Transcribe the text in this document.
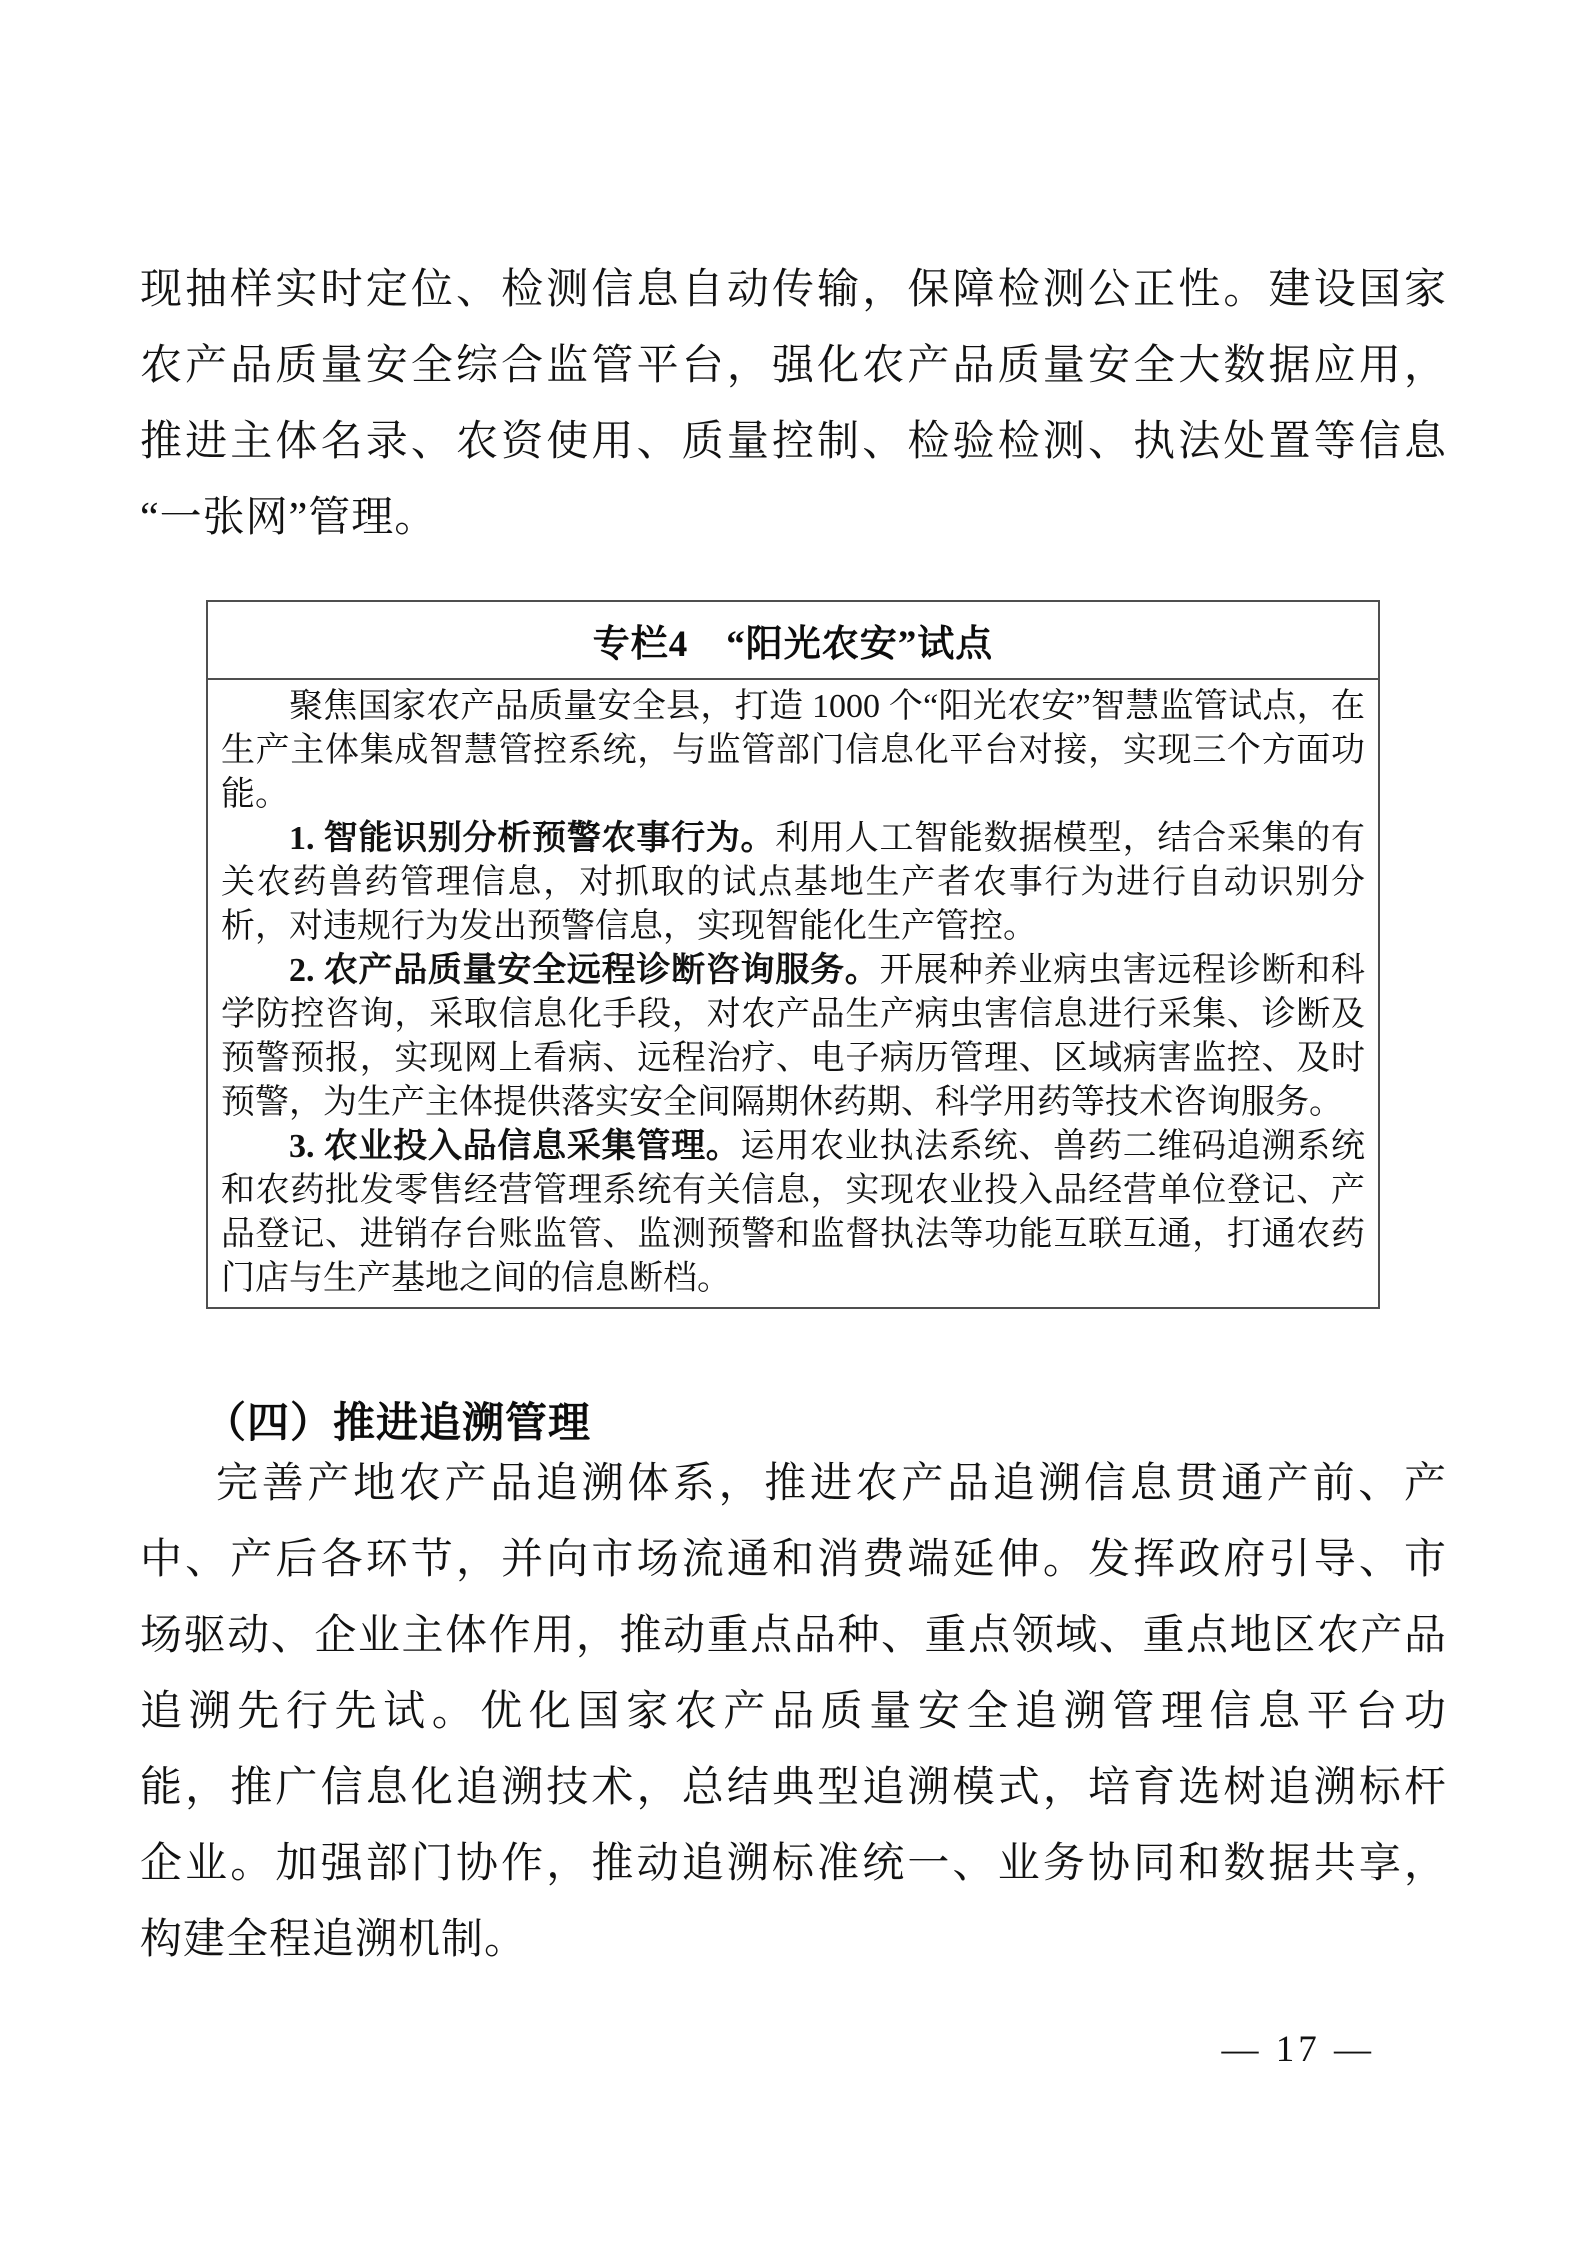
现抽样实时定位、检测信息自动传输，保障检测公正性。建设国家
农产品质量安全综合监管平台，强化农产品质量安全大数据应用，
推进主体名录、农资使用、质量控制、检验检测、执法处置等信息
“一张网”管理。
专栏4　“阳光农安”试点

聚焦国家农产品质量安全县，打造 1000 个“阳光农安”智慧监管试点，在生产主体集成智慧管控系统，与监管部门信息化平台对接，实现三个方面功能。

1. 智能识别分析预警农事行为。利用人工智能数据模型，结合采集的有关农药兽药管理信息，对抓取的试点基地生产者农事行为进行自动识别分析，对违规行为发出预警信息，实现智能化生产管控。

2. 农产品质量安全远程诊断咨询服务。开展种养业病虫害远程诊断和科学防控咨询，采取信息化手段，对农产品生产病虫害信息进行采集、诊断及预警预报，实现网上看病、远程治疗、电子病历管理、区域病害监控、及时预警，为生产主体提供落实安全间隔期休药期、科学用药等技术咨询服务。

3. 农业投入品信息采集管理。运用农业执法系统、兽药二维码追溯系统和农药批发零售经营管理系统有关信息，实现农业投入品经营单位登记、产品登记、进销存台账监管、监测预警和监督执法等功能互联互通，打通农药门店与生产基地之间的信息断档。

（四）推进追溯管理
完善产地农产品追溯体系，推进农产品追溯信息贯通产前、产
中、产后各环节，并向市场流通和消费端延伸。发挥政府引导、市
场驱动、企业主体作用，推动重点品种、重点领域、重点地区农产品
追溯先行先试。优化国家农产品质量安全追溯管理信息平台功
能，推广信息化追溯技术，总结典型追溯模式，培育选树追溯标杆
企业。加强部门协作，推动追溯标准统一、业务协同和数据共享，
构建全程追溯机制。
— 17 —
